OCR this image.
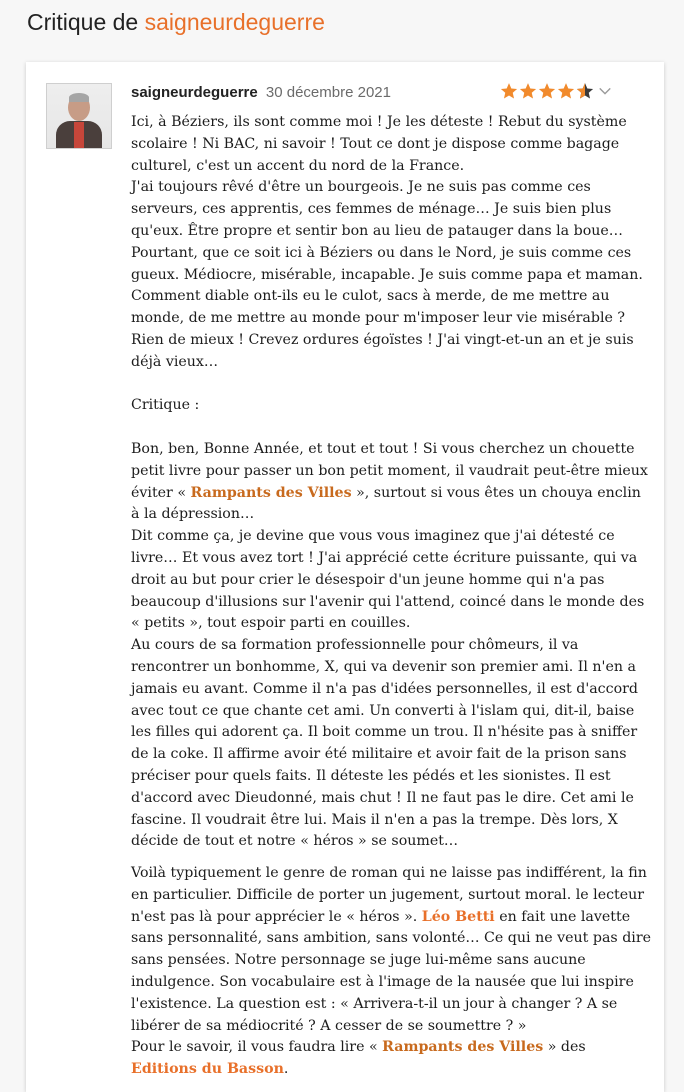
Critique de saigneurdeguerre
saigneurdeguerre 30 décembre 2021

Ici, à Béziers, ils sont comme moi ! Je les déteste ! Rebut du système scolaire ! Ni BAC, ni savoir ! Tout ce dont je dispose comme bagage culturel, c'est un accent du nord de la France.

J'ai toujours rêvé d'être un bourgeois. Je ne suis pas comme ces serveurs, ces apprentis, ces femmes de ménage… Je suis bien plus qu'eux. Être propre et sentir bon au lieu de patauger dans la boue… Pourtant, que ce soit ici à Béziers ou dans le Nord, je suis comme ces gueux. Médiocre, misérable, incapable. Je suis comme papa et maman. Comment diable ont-ils eu le culot, sacs à merde, de me mettre au monde, de me mettre au monde pour m'imposer leur vie misérable ? Rien de mieux ! Crevez ordures égoïstes ! J'ai vingt-et-un an et je suis déjà vieux…

Critique :

Bon, ben, Bonne Année, et tout et tout ! Si vous cherchez un chouette petit livre pour passer un bon petit moment, il vaudrait peut-être mieux éviter « Rampants des Villes », surtout si vous êtes un chouya enclin à la dépression…

Dit comme ça, je devine que vous vous imaginez que j'ai détesté ce livre… Et vous avez tort ! J'ai apprécié cette écriture puissante, qui va droit au but pour crier le désespoir d'un jeune homme qui n'a pas beaucoup d'illusions sur l'avenir qui l'attend, coincé dans le monde des « petits », tout espoir parti en couilles.

Au cours de sa formation professionnelle pour chômeurs, il va rencontrer un bonhomme, X, qui va devenir son premier ami. Il n'en a jamais eu avant. Comme il n'a pas d'idées personnelles, il est d'accord avec tout ce que chante cet ami. Un converti à l'islam qui, dit-il, baise les filles qui adorent ça. Il boit comme un trou. Il n'hésite pas à sniffer de la coke. Il affirme avoir été militaire et avoir fait de la prison sans préciser pour quels faits. Il déteste les pédés et les sionistes. Il est d'accord avec Dieudonné, mais chut ! Il ne faut pas le dire. Cet ami le fascine. Il voudrait être lui. Mais il n'en a pas la trempe. Dès lors, X décide de tout et notre « héros » se soumet…

Voilà typiquement le genre de roman qui ne laisse pas indifférent, la fin en particulier. Difficile de porter un jugement, surtout moral. le lecteur n'est pas là pour apprécier le « héros ». Léo Betti en fait une lavette sans personnalité, sans ambition, sans volonté… Ce qui ne veut pas dire sans pensées. Notre personnage se juge lui-même sans aucune indulgence. Son vocabulaire est à l'image de la nausée que lui inspire l'existence. La question est : « Arrivera-t-il un jour à changer ? A se libérer de sa médiocrité ? A cesser de se soumettre ? »

Pour le savoir, il vous faudra lire « Rampants des Villes » des Editions du Basson.
